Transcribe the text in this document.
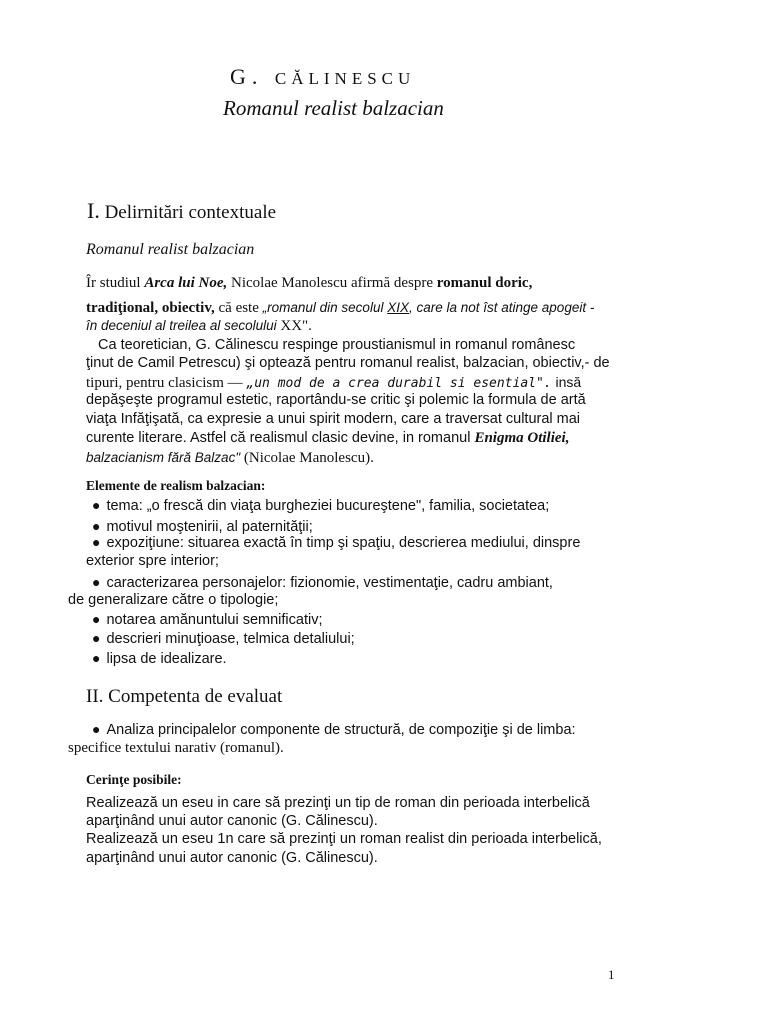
G. CĂLINESCU
Romanul realist balzacian
I. Delirnitări contextuale
Romanul realist balzacian
Îr studiul Arca lui Noe, Nicolae Manolescu afirmă despre romanul doric,
tradiţional, obiectiv, că este „romanul din secolul XIX, care la not îst atinge apogeit -
în deceniul al treilea al secolului XX".
Ca teoretician, G. Călinescu respinge proustianismul in romanul românesc
ţinut de Camil Petrescu) şi optează pentru romanul realist, balzacian, obiectiv,- de
tipuri, pentru clasicism — „un mod de a crea durabil si esential". insă
depăşeşte programul estetic, raportându-se critic şi polemic la formula de artă
viaţa Infăţişată, ca expresie a unui spirit modern, care a traversat cultural mai
curente literare. Astfel că realismul clasic devine, in romanul Enigma Otiliei,
balzacianism fără Balzac" (Nicolae Manolescu).
Elemente de realism balzacian:
● tema: „o frescă din viaţa burgheziei bucureştene", familia, societatea;
● motivul moştenirii, al paternităţii;
● expoziţiune: situarea exactă în timp şi spaţiu, descrierea mediului, dinspre
exterior spre interior;
● caracterizarea personajelor: fizionomie, vestimentaţie, cadru ambiant,
de generalizare către o tipologie;
● notarea amănuntului semnificativ;
● descrieri minuţioase, telmica detaliului;
● lipsa de idealizare.
II. Competenta de evaluat
● Analiza principalelor componente de structură, de compoziţie şi de limba:
specifice textului narativ (romanul).
Cerinţe posibile:
Realizează un eseu in care să prezinţi un tip de roman din perioada interbelică
aparţinând unui autor canonic (G. Călinescu).
Realizează un eseu 1n care să prezinţi un roman realist din perioada interbelică,
aparţinând unui autor canonic (G. Călinescu).
1
